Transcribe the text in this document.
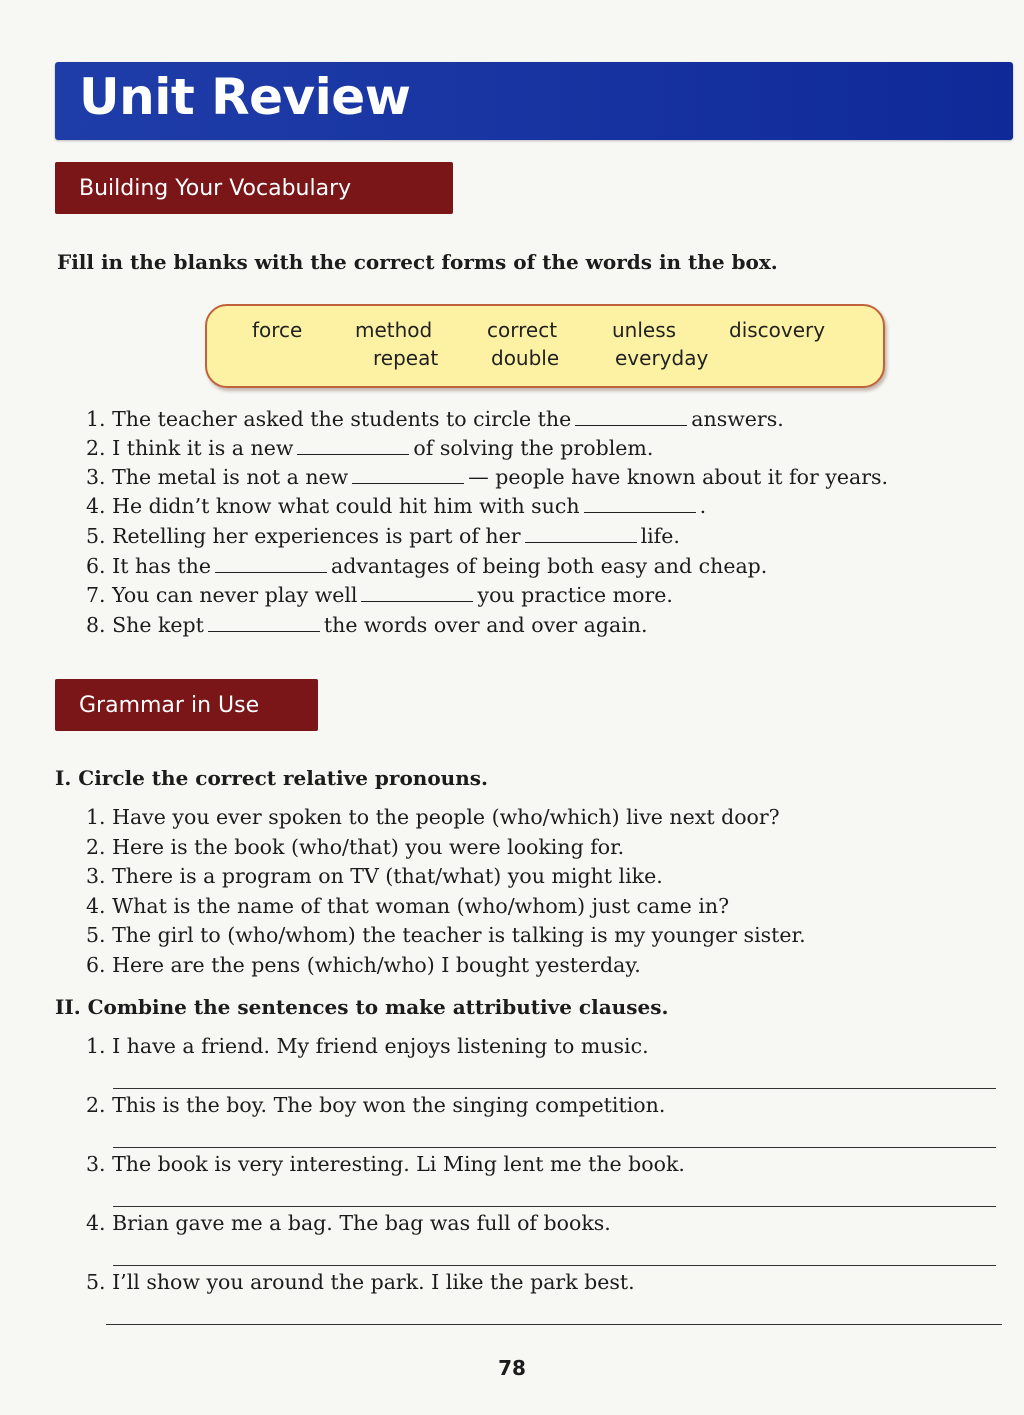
Unit Review
Building Your Vocabulary
Fill in the blanks with the correct forms of the words in the box.
force	method	correct	unless	discovery
repeat	double	everyday
1. The teacher asked the students to circle the	answers.
2. I think it is a new	of solving the problem.
3. The metal is not a new	— people have known about it for years.
4. He didn’t know what could hit him with such	.
5. Retelling her experiences is part of her	life.
6. It has the	advantages of being both easy and cheap.
7. You can never play well	you practice more.
8. She kept	the words over and over again.
Grammar in Use
I. Circle the correct relative pronouns.
1. Have you ever spoken to the people (who/which) live next door?
2. Here is the book (who/that) you were looking for.
3. There is a program on TV (that/what) you might like.
4. What is the name of that woman (who/whom) just came in?
5. The girl to (who/whom) the teacher is talking is my younger sister.
6. Here are the pens (which/who) I bought yesterday.
II. Combine the sentences to make attributive clauses.
1. I have a friend. My friend enjoys listening to music.
2. This is the boy. The boy won the singing competition.
3. The book is very interesting. Li Ming lent me the book.
4. Brian gave me a bag. The bag was full of books.
5. I’ll show you around the park. I like the park best.
78
